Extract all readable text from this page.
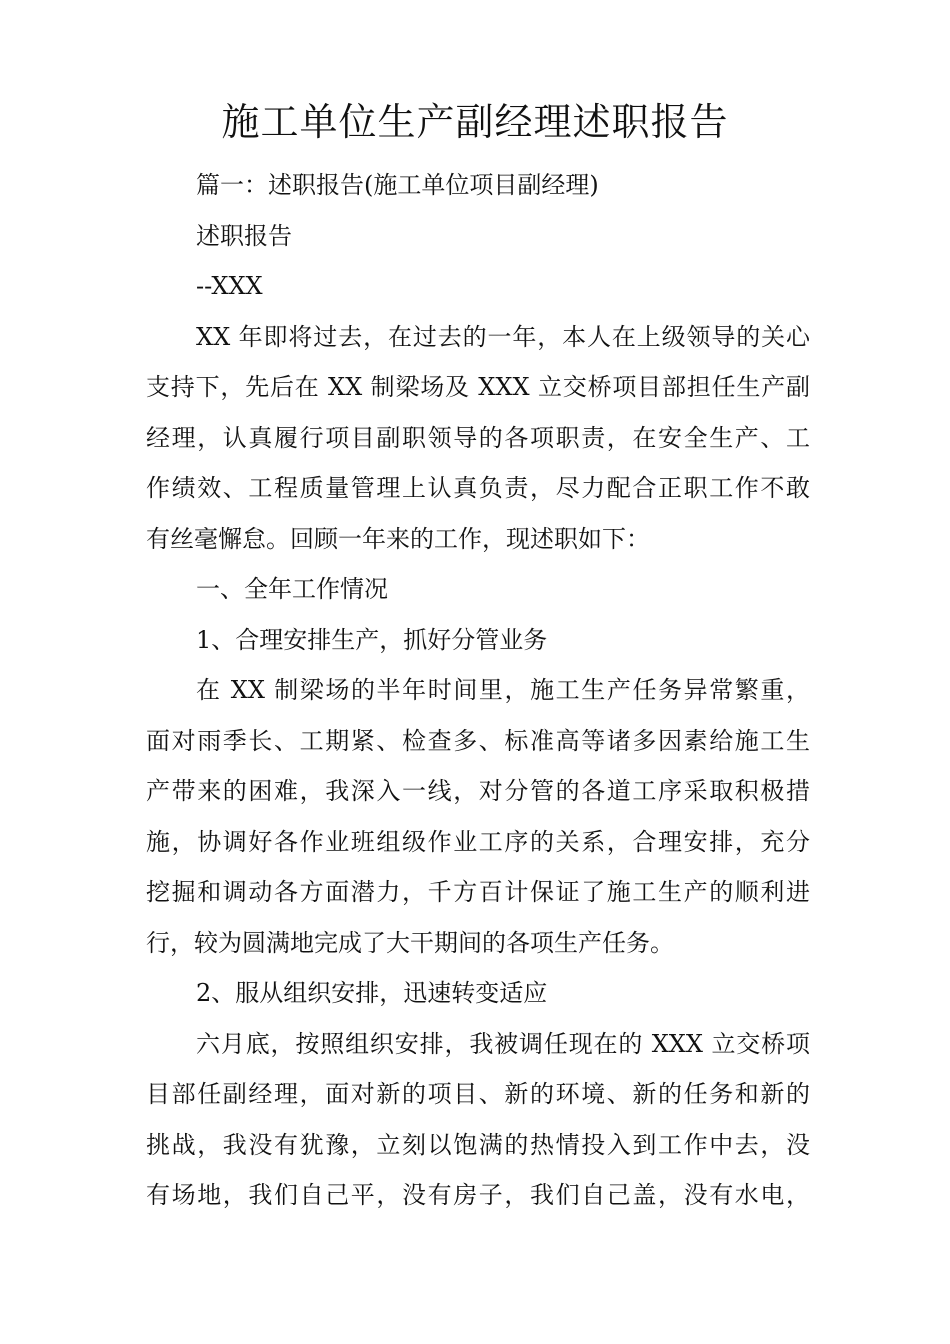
施工单位生产副经理述职报告
篇一：述职报告(施工单位项目副经理)
述职报告
--XXX
XX 年即将过去，在过去的一年，本人在上级领导的关心
支持下，先后在 XX 制梁场及 XXX 立交桥项目部担任生产副
经理，认真履行项目副职领导的各项职责，在安全生产、工
作绩效、工程质量管理上认真负责，尽力配合正职工作不敢
有丝毫懈怠。回顾一年来的工作，现述职如下：
一、全年工作情况
1、合理安排生产，抓好分管业务
在 XX 制梁场的半年时间里，施工生产任务异常繁重，
面对雨季长、工期紧、检查多、标准高等诸多因素给施工生
产带来的困难，我深入一线，对分管的各道工序采取积极措
施，协调好各作业班组级作业工序的关系，合理安排，充分
挖掘和调动各方面潜力，千方百计保证了施工生产的顺利进
行，较为圆满地完成了大干期间的各项生产任务。
2、服从组织安排，迅速转变适应
六月底，按照组织安排，我被调任现在的 XXX 立交桥项
目部任副经理，面对新的项目、新的环境、新的任务和新的
挑战，我没有犹豫，立刻以饱满的热情投入到工作中去，没
有场地，我们自己平，没有房子，我们自己盖，没有水电，
